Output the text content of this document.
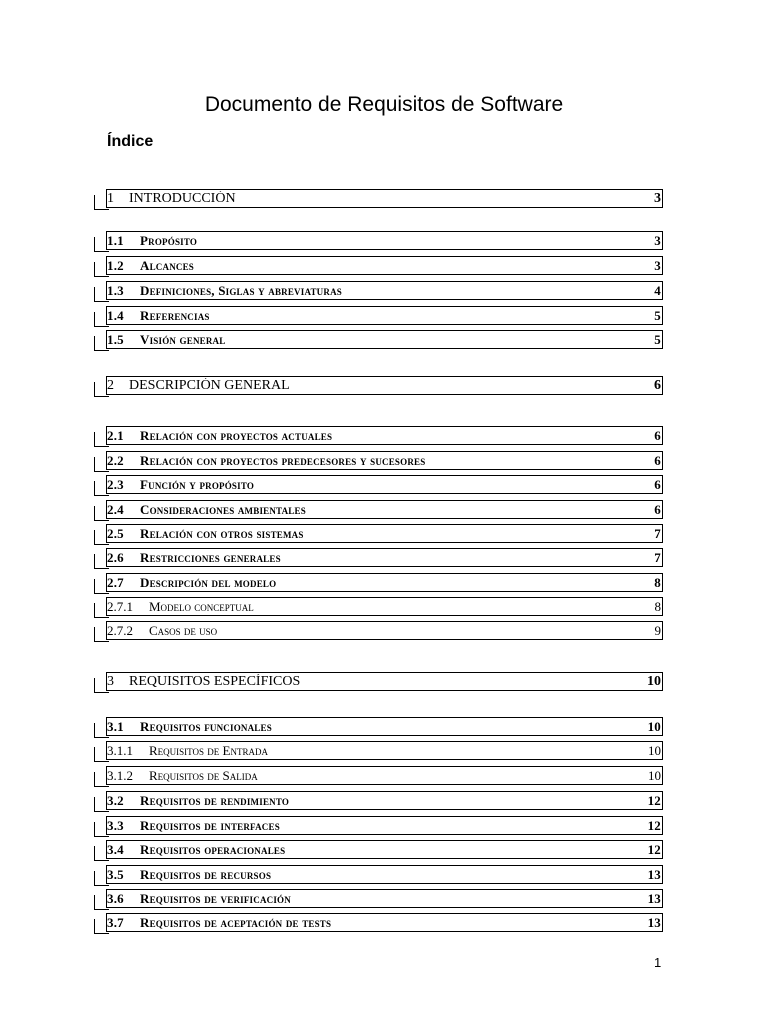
Documento de Requisitos de Software
Índice
1	INTRODUCCIÓN	3
1.1	Propósito	3
1.2	Alcances	3
1.3	Definiciones, Siglas y abreviaturas	4
1.4	Referencias	5
1.5	Visión general	5
2	DESCRIPCIÓN GENERAL	6
2.1	Relación con proyectos actuales	6
2.2	Relación con proyectos predecesores y sucesores	6
2.3	Función y propósito	6
2.4	Consideraciones ambientales	6
2.5	Relación con otros sistemas	7
2.6	Restricciones generales	7
2.7	Descripción del modelo	8
2.7.1	Modelo conceptual	8
2.7.2	Casos de uso	9
3	REQUISITOS ESPECÍFICOS	10
3.1	Requisitos funcionales	10
3.1.1	Requisitos de Entrada	10
3.1.2	Requisitos de Salida	10
3.2	Requisitos de rendimiento	12
3.3	Requisitos de interfaces	12
3.4	Requisitos operacionales	12
3.5	Requisitos de recursos	13
3.6	Requisitos de verificación	13
3.7	Requisitos de aceptación de tests	13
1
